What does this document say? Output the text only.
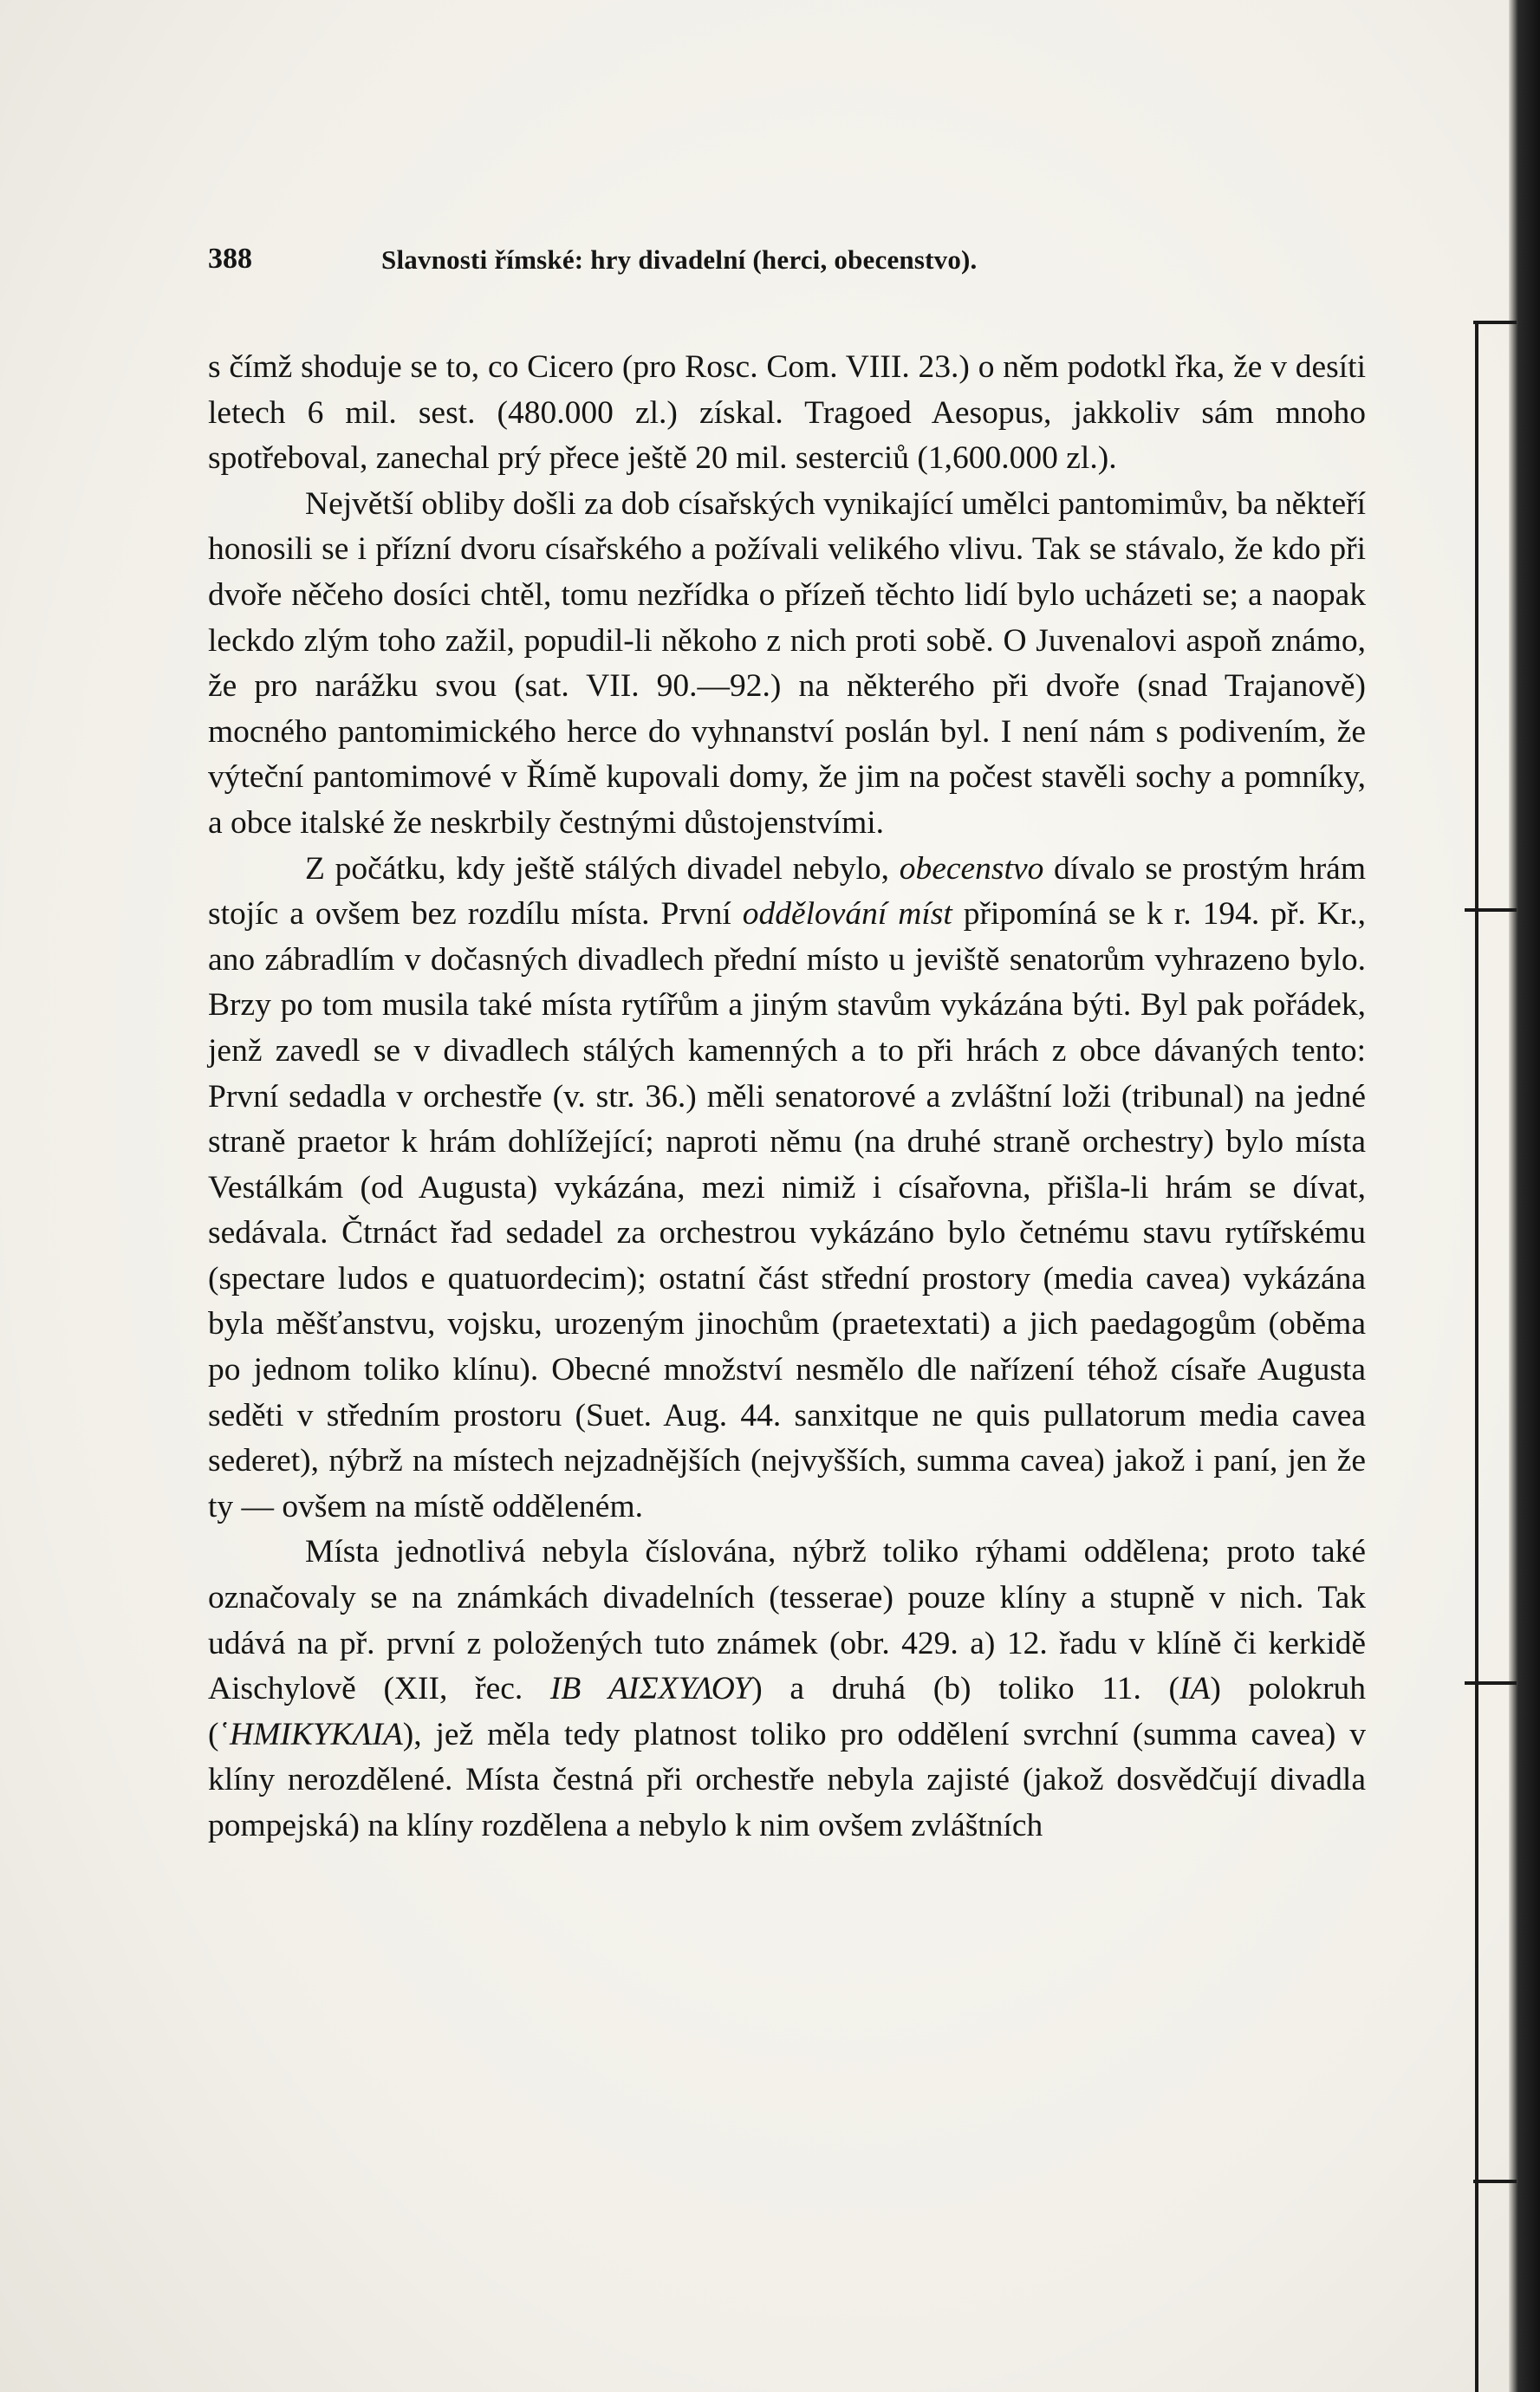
388	Slavnosti římské: hry divadelní (herci, obecenstvo).

s čímž shoduje se to, co Cicero (pro Rosc. Com. VIII. 23.) o něm podotkl řka, že v desíti letech 6 mil. sest. (480.000 zl.) získal. Tragoed Aesopus, jakkoliv sám mnoho spotřeboval, zanechal prý přece ještě 20 mil. sesterciů (1,600.000 zl.).

Největší obliby došli za dob císařských vynikající umělci pantomimův, ba někteří honosili se i přízní dvoru císařského a požívali velikého vlivu. Tak se stávalo, že kdo při dvoře něčeho dosíci chtěl, tomu nezřídka o přízeň těchto lidí bylo ucházeti se; a naopak leckdo zlým toho zažil, popudil-li někoho z nich proti sobě. O Juvenalovi aspoň známo, že pro narážku svou (sat. VII. 90.—92.) na některého při dvoře (snad Trajanově) mocného pantomimického herce do vyhnanství poslán byl. I není nám s podivením, že výteční pantomimové v Římě kupovali domy, že jim na počest stavěli sochy a pomníky, a obce italské že neskrbily čestnými důstojenstvími.

Z počátku, kdy ještě stálých divadel nebylo, obecenstvo dívalo se prostým hrám stojíc a ovšem bez rozdílu místa. První oddělování míst připomíná se k r. 194. př. Kr., ano zábradlím v dočasných divadlech přední místo u jeviště senatorům vyhrazeno bylo. Brzy po tom musila také místa rytířům a jiným stavům vykázána býti. Byl pak pořádek, jenž zavedl se v divadlech stálých kamenných a to při hrách z obce dávaných tento: První sedadla v orchestře (v. str. 36.) měli senatorové a zvláštní loži (tribunal) na jedné straně praetor k hrám dohlížející; naproti němu (na druhé straně orchestry) bylo místa Vestálkám (od Augusta) vykázána, mezi nimiž i císařovna, přišla-li hrám se dívat, sedávala. Čtrnáct řad sedadel za orchestrou vykázáno bylo četnému stavu rytířskému (spectare ludos e quatuordecim); ostatní část střední prostory (media cavea) vykázána byla měšťanstvu, vojsku, urozeným jinochům (praetextati) a jich paedagogům (oběma po jednom toliko klínu). Obecné množství nesmělo dle nařízení téhož císaře Augusta seděti v středním prostoru (Suet. Aug. 44. sanxitque ne quis pullatorum media cavea sederet), nýbrž na místech nejzadnějších (nejvyšších, summa cavea) jakož i paní, jen že ty — ovšem na místě odděleném.

Místa jednotlivá nebyla číslována, nýbrž toliko rýhami oddělena; proto také označovaly se na známkách divadelních (tesserae) pouze klíny a stupně v nich. Tak udává na př. první z položených tuto známek (obr. 429. a) 12. řadu v klíně či kerkidě Aischylově (XII, řec. IB ΑΙΣΧΥΛΟΥ) a druhá (b) toliko 11. (ΙΑ) polokruh (῾ΗΜΙΚΥΚΛΙΑ), jež měla tedy platnost toliko pro oddělení svrchní (summa cavea) v klíny nerozdělené. Místa čestná při orchestře nebyla zajisté (jakož dosvědčují divadla pompejská) na klíny rozdělena a nebylo k nim ovšem zvláštních
